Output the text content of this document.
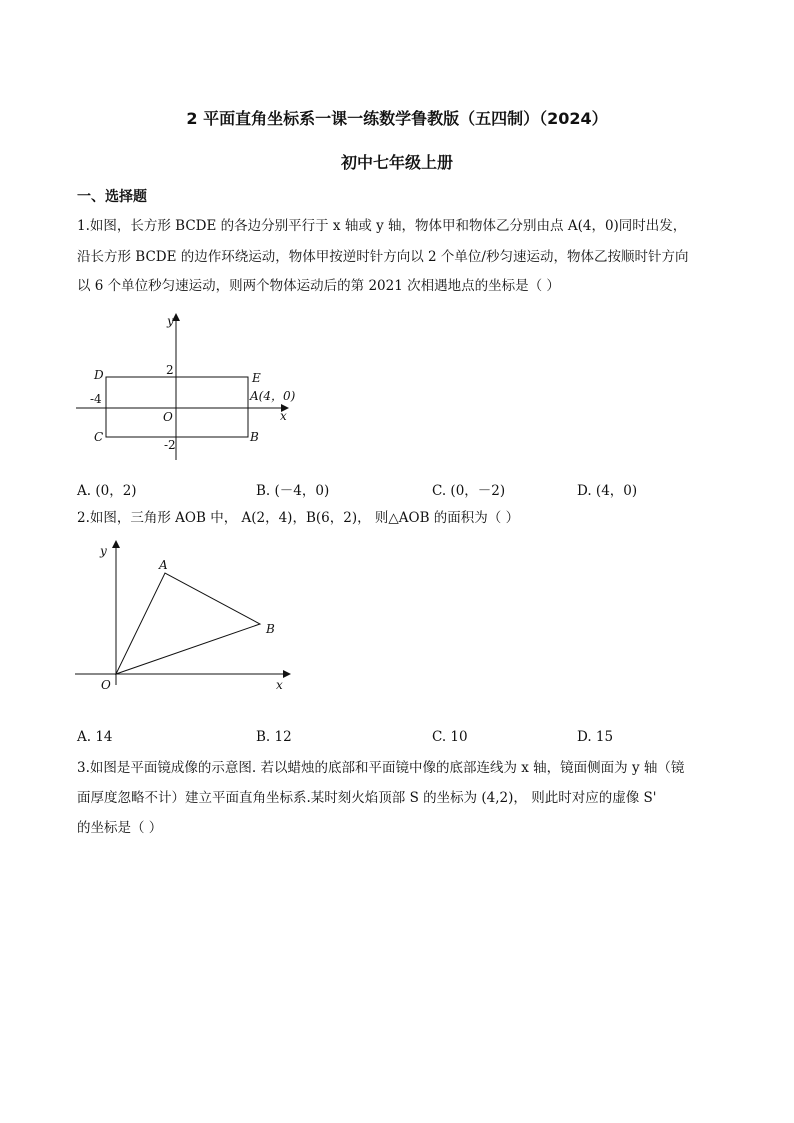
2 平面直角坐标系一课一练数学鲁教版（五四制）（2024）
初中七年级上册
一、选择题
1.如图，长方形 BCDE 的各边分别平行于 x 轴或 y 轴，物体甲和物体乙分别由点 A(4，0)同时出发，
沿长方形 BCDE 的边作环绕运动，物体甲按逆时针方向以 2 个单位/秒匀速运动，物体乙按顺时针方向
以 6 个单位秒匀速运动，则两个物体运动后的第 2021 次相遇地点的坐标是（ ）
y
x
O
D	E
C	B
A(4，0)
2
-4
-2
A. (0，2)	B. (－4，0)	C. (0，－2)	D. (4，0)
2.如图，三角形 AOB 中， A(2，4)，B(6，2)， 则△AOB 的面积为（ ）
y
x
O
A
B
A. 14	B. 12	C. 10	D. 15
3.如图是平面镜成像的示意图. 若以蜡烛的底部和平面镜中像的底部连线为 x 轴，镜面侧面为 y 轴（镜
面厚度忽略不计）建立平面直角坐标系.某时刻火焰顶部 S 的坐标为 (4,2)， 则此时对应的虚像 S'
的坐标是（ ）
